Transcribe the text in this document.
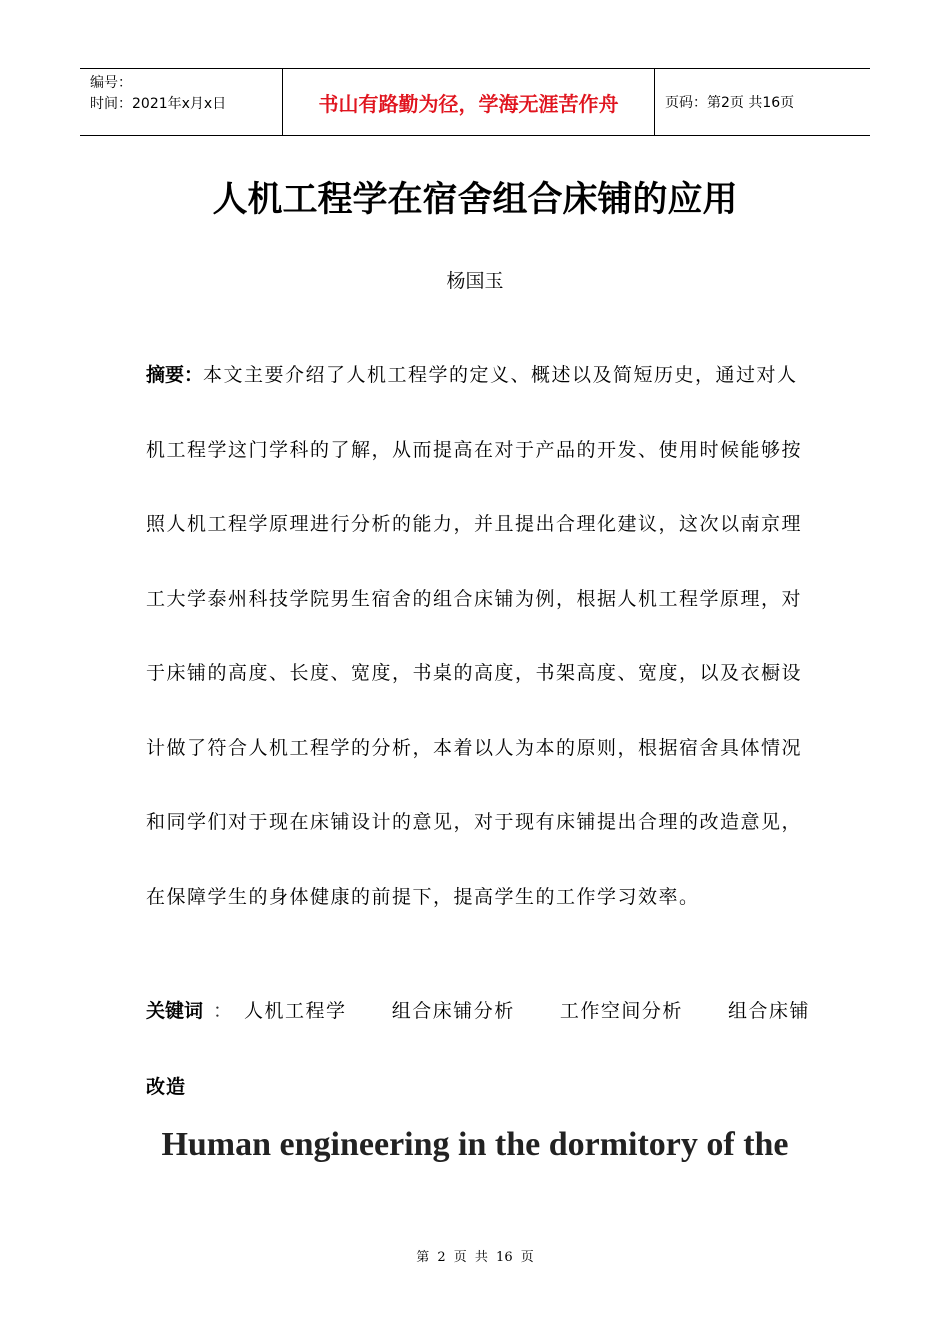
编号：
时间：2021年x月x日	书山有路勤为径，学海无涯苦作舟	页码：第2页 共16页
人机工程学在宿舍组合床铺的应用
杨国玉
摘要：本文主要介绍了人机工程学的定义、概述以及简短历史，通过对人机工程学这门学科的了解，从而提高在对于产品的开发、使用时候能够按照人机工程学原理进行分析的能力，并且提出合理化建议，这次以南京理工大学泰州科技学院男生宿舍的组合床铺为例，根据人机工程学原理，对于床铺的高度、长度、宽度，书桌的高度，书架高度、宽度，以及衣橱设计做了符合人机工程学的分析，本着以人为本的原则，根据宿舍具体情况和同学们对于现在床铺设计的意见，对于现有床铺提出合理的改造意见，在保障学生的身体健康的前提下，提高学生的工作学习效率。
关键词 ： 人机工程学 组合床铺分析 工作空间分析 组合床铺
改造
Human engineering in the dormitory of the
第 2 页 共 16 页
